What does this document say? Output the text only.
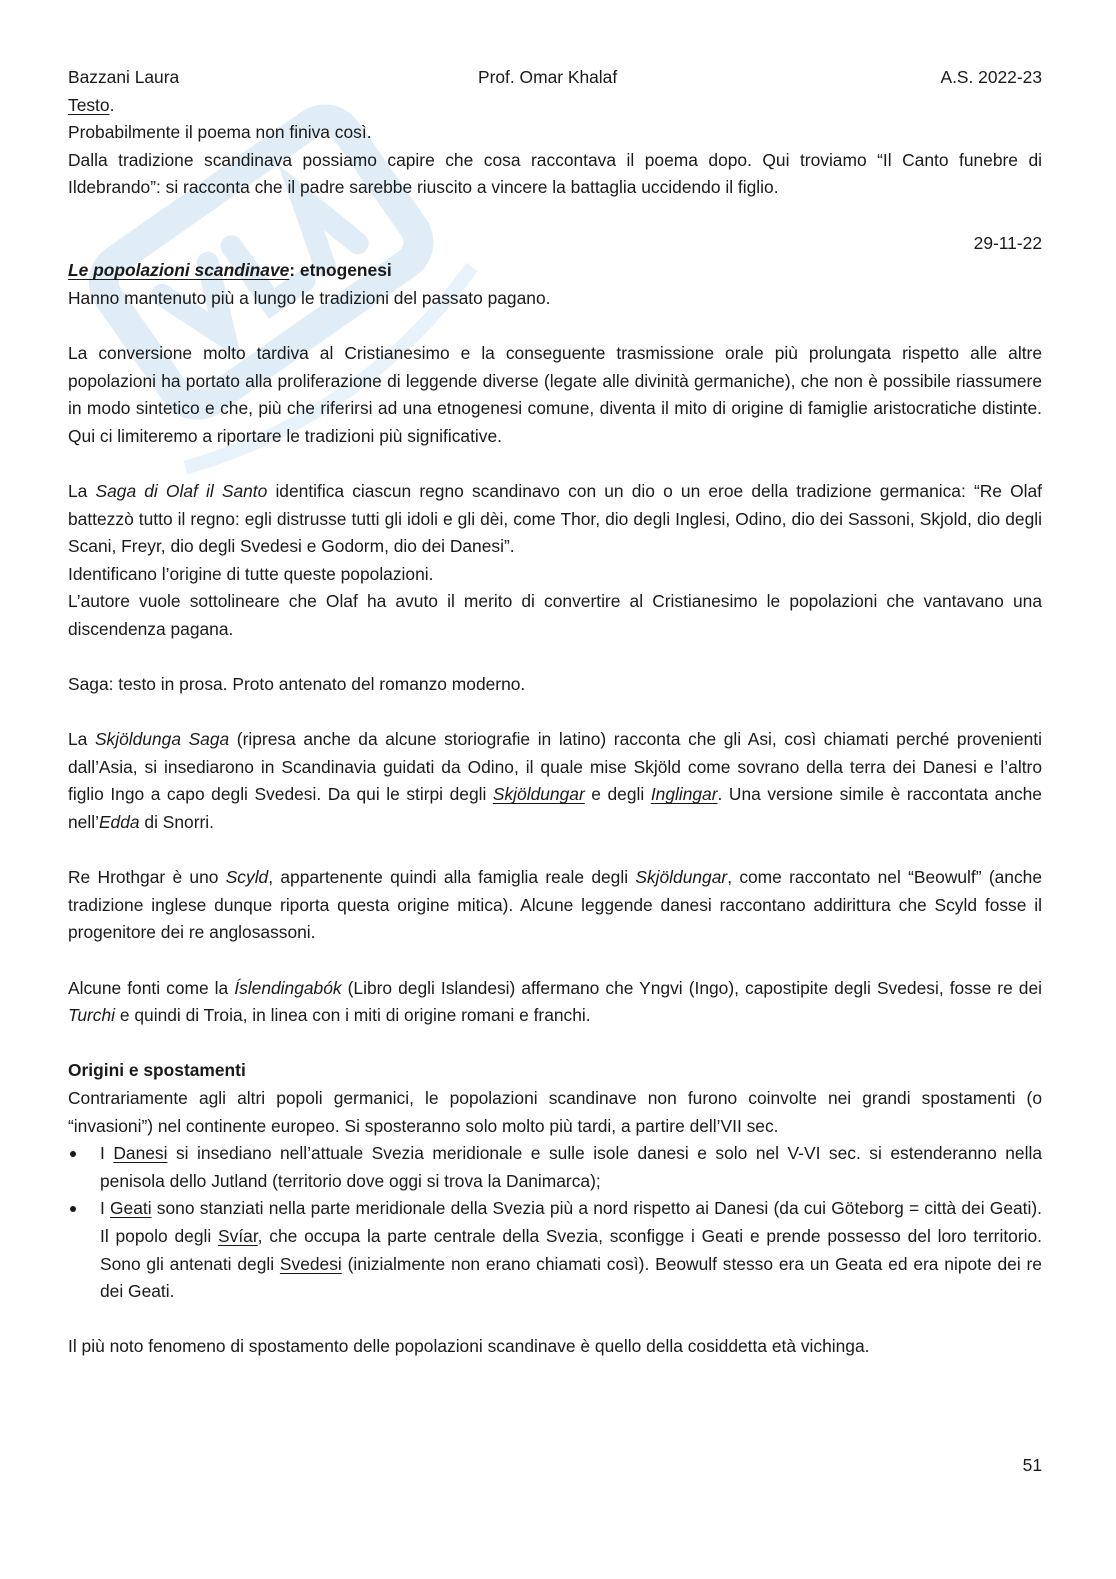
Bazzani Laura	Prof. Omar Khalaf	A.S. 2022-23

Testo.

Probabilmente il poema non finiva così.

Dalla tradizione scandinava possiamo capire che cosa raccontava il poema dopo. Qui troviamo “Il Canto funebre di Ildebrando”: si racconta che il padre sarebbe riuscito a vincere la battaglia uccidendo il figlio.

29-11-22

Le popolazioni scandinave: etnogenesi

Hanno mantenuto più a lungo le tradizioni del passato pagano.

La conversione molto tardiva al Cristianesimo e la conseguente trasmissione orale più prolungata rispetto alle altre popolazioni ha portato alla proliferazione di leggende diverse (legate alle divinità germaniche), che non è possibile riassumere in modo sintetico e che, più che riferirsi ad una etnogenesi comune, diventa il mito di origine di famiglie aristocratiche distinte. Qui ci limiteremo a riportare le tradizioni più significative.

La Saga di Olaf il Santo identifica ciascun regno scandinavo con un dio o un eroe della tradizione germanica: “Re Olaf battezzò tutto il regno: egli distrusse tutti gli idoli e gli dèi, come Thor, dio degli Inglesi, Odino, dio dei Sassoni, Skjold, dio degli Scani, Freyr, dio degli Svedesi e Godorm, dio dei Danesi”.

Identificano l’origine di tutte queste popolazioni.

L’autore vuole sottolineare che Olaf ha avuto il merito di convertire al Cristianesimo le popolazioni che vantavano una discendenza pagana.

Saga: testo in prosa. Proto antenato del romanzo moderno.

La Skjöldunga Saga (ripresa anche da alcune storiografie in latino) racconta che gli Asi, così chiamati perché provenienti dall’Asia, si insediarono in Scandinavia guidati da Odino, il quale mise Skjöld come sovrano della terra dei Danesi e l’altro figlio Ingo a capo degli Svedesi. Da qui le stirpi degli Skjöldungar e degli Inglingar. Una versione simile è raccontata anche nell’Edda di Snorri.

Re Hrothgar è uno Scyld, appartenente quindi alla famiglia reale degli Skjöldungar, come raccontato nel “Beowulf” (anche tradizione inglese dunque riporta questa origine mitica). Alcune leggende danesi raccontano addirittura che Scyld fosse il progenitore dei re anglosassoni.

Alcune fonti come la Íslendingabók (Libro degli Islandesi) affermano che Yngvi (Ingo), capostipite degli Svedesi, fosse re dei Turchi e quindi di Troia, in linea con i miti di origine romani e franchi.

Origini e spostamenti

Contrariamente agli altri popoli germanici, le popolazioni scandinave non furono coinvolte nei grandi spostamenti (o “invasioni”) nel continente europeo. Si sposteranno solo molto più tardi, a partire dell’VII sec.

I Danesi si insediano nell’attuale Svezia meridionale e sulle isole danesi e solo nel V-VI sec. si estenderanno nella penisola dello Jutland (territorio dove oggi si trova la Danimarca);
I Geati sono stanziati nella parte meridionale della Svezia più a nord rispetto ai Danesi (da cui Göteborg = città dei Geati). Il popolo degli Svíar, che occupa la parte centrale della Svezia, sconfigge i Geati e prende possesso del loro territorio. Sono gli antenati degli Svedesi (inizialmente non erano chiamati così). Beowulf stesso era un Geata ed era nipote dei re dei Geati.

Il più noto fenomeno di spostamento delle popolazioni scandinave è quello della cosiddetta età vichinga.

51
